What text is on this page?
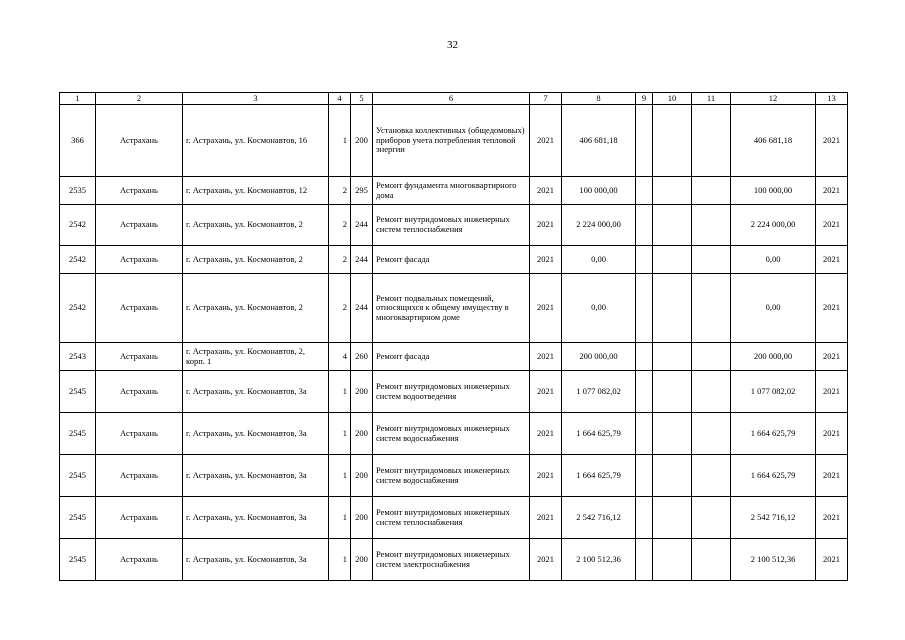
32
1	2	3	4	5	6	7	8	9	10	11	12	13
366	Астрахань	г. Астрахань, ул. Космонавтов, 16	1	200	Установка коллективных (общедомовых) приборов учета потребления тепловой энергии	2021	406 681,18				406 681,18	2021
2535	Астрахань	г. Астрахань, ул. Космонавтов, 12	2	295	Ремонт фундамента многоквартирного дома	2021	100 000,00				100 000,00	2021
2542	Астрахань	г. Астрахань, ул. Космонавтов, 2	2	244	Ремонт внутридомовых инженерных систем теплоснабжения	2021	2 224 000,00				2 224 000,00	2021
2542	Астрахань	г. Астрахань, ул. Космонавтов, 2	2	244	Ремонт фасада	2021	0,00				0,00	2021
2542	Астрахань	г. Астрахань, ул. Космонавтов, 2	2	244	Ремонт подвальных помещений, относящихся к общему имуществу в многоквартирном доме	2021	0,00				0,00	2021
2543	Астрахань	г. Астрахань, ул. Космонавтов, 2, корп. 1	4	260	Ремонт фасада	2021	200 000,00				200 000,00	2021
2545	Астрахань	г. Астрахань, ул. Космонавтов, 3а	1	200	Ремонт внутридомовых инженерных систем водоотведения	2021	1 077 082,02				1 077 082,02	2021
2545	Астрахань	г. Астрахань, ул. Космонавтов, 3а	1	200	Ремонт внутридомовых инженерных систем водоснабжения	2021	1 664 625,79				1 664 625,79	2021
2545	Астрахань	г. Астрахань, ул. Космонавтов, 3а	1	200	Ремонт внутридомовых инженерных систем водоснабжения	2021	1 664 625,79				1 664 625,79	2021
2545	Астрахань	г. Астрахань, ул. Космонавтов, 3а	1	200	Ремонт внутридомовых инженерных систем теплоснабжения	2021	2 542 716,12				2 542 716,12	2021
2545	Астрахань	г. Астрахань, ул. Космонавтов, 3а	1	200	Ремонт внутридомовых инженерных систем электроснабжения	2021	2 100 512,36				2 100 512,36	2021
